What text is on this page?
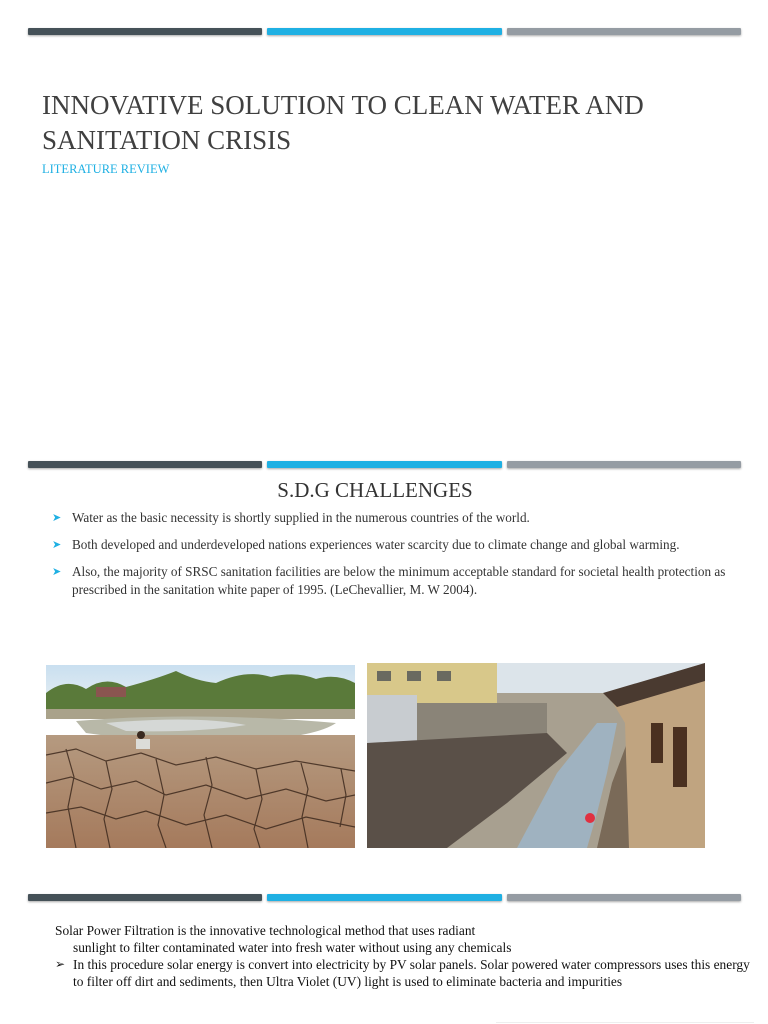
INNOVATIVE SOLUTION TO CLEAN WATER AND SANITATION CRISIS
LITERATURE REVIEW
S.D.G CHALLENGES
➤ Water as the basic necessity is shortly supplied in the numerous countries of the world.
➤ Both developed and underdeveloped nations experiences water scarcity due to climate change and global warming.
➤ Also, the majority of SRSC sanitation facilities are below the minimum acceptable standard for societal health protection as prescribed in the sanitation white paper of 1995. (LeChevallier, M. W 2004).
Solar Power Filtration is the innovative technological method that uses radiant
sunlight to filter contaminated water into fresh water without using any chemicals
➢ In this procedure solar energy is convert into electricity by PV solar panels. Solar powered water compressors uses this energy to filter off dirt and sediments, then Ultra Violet (UV) light is used to eliminate bacteria and impurities
